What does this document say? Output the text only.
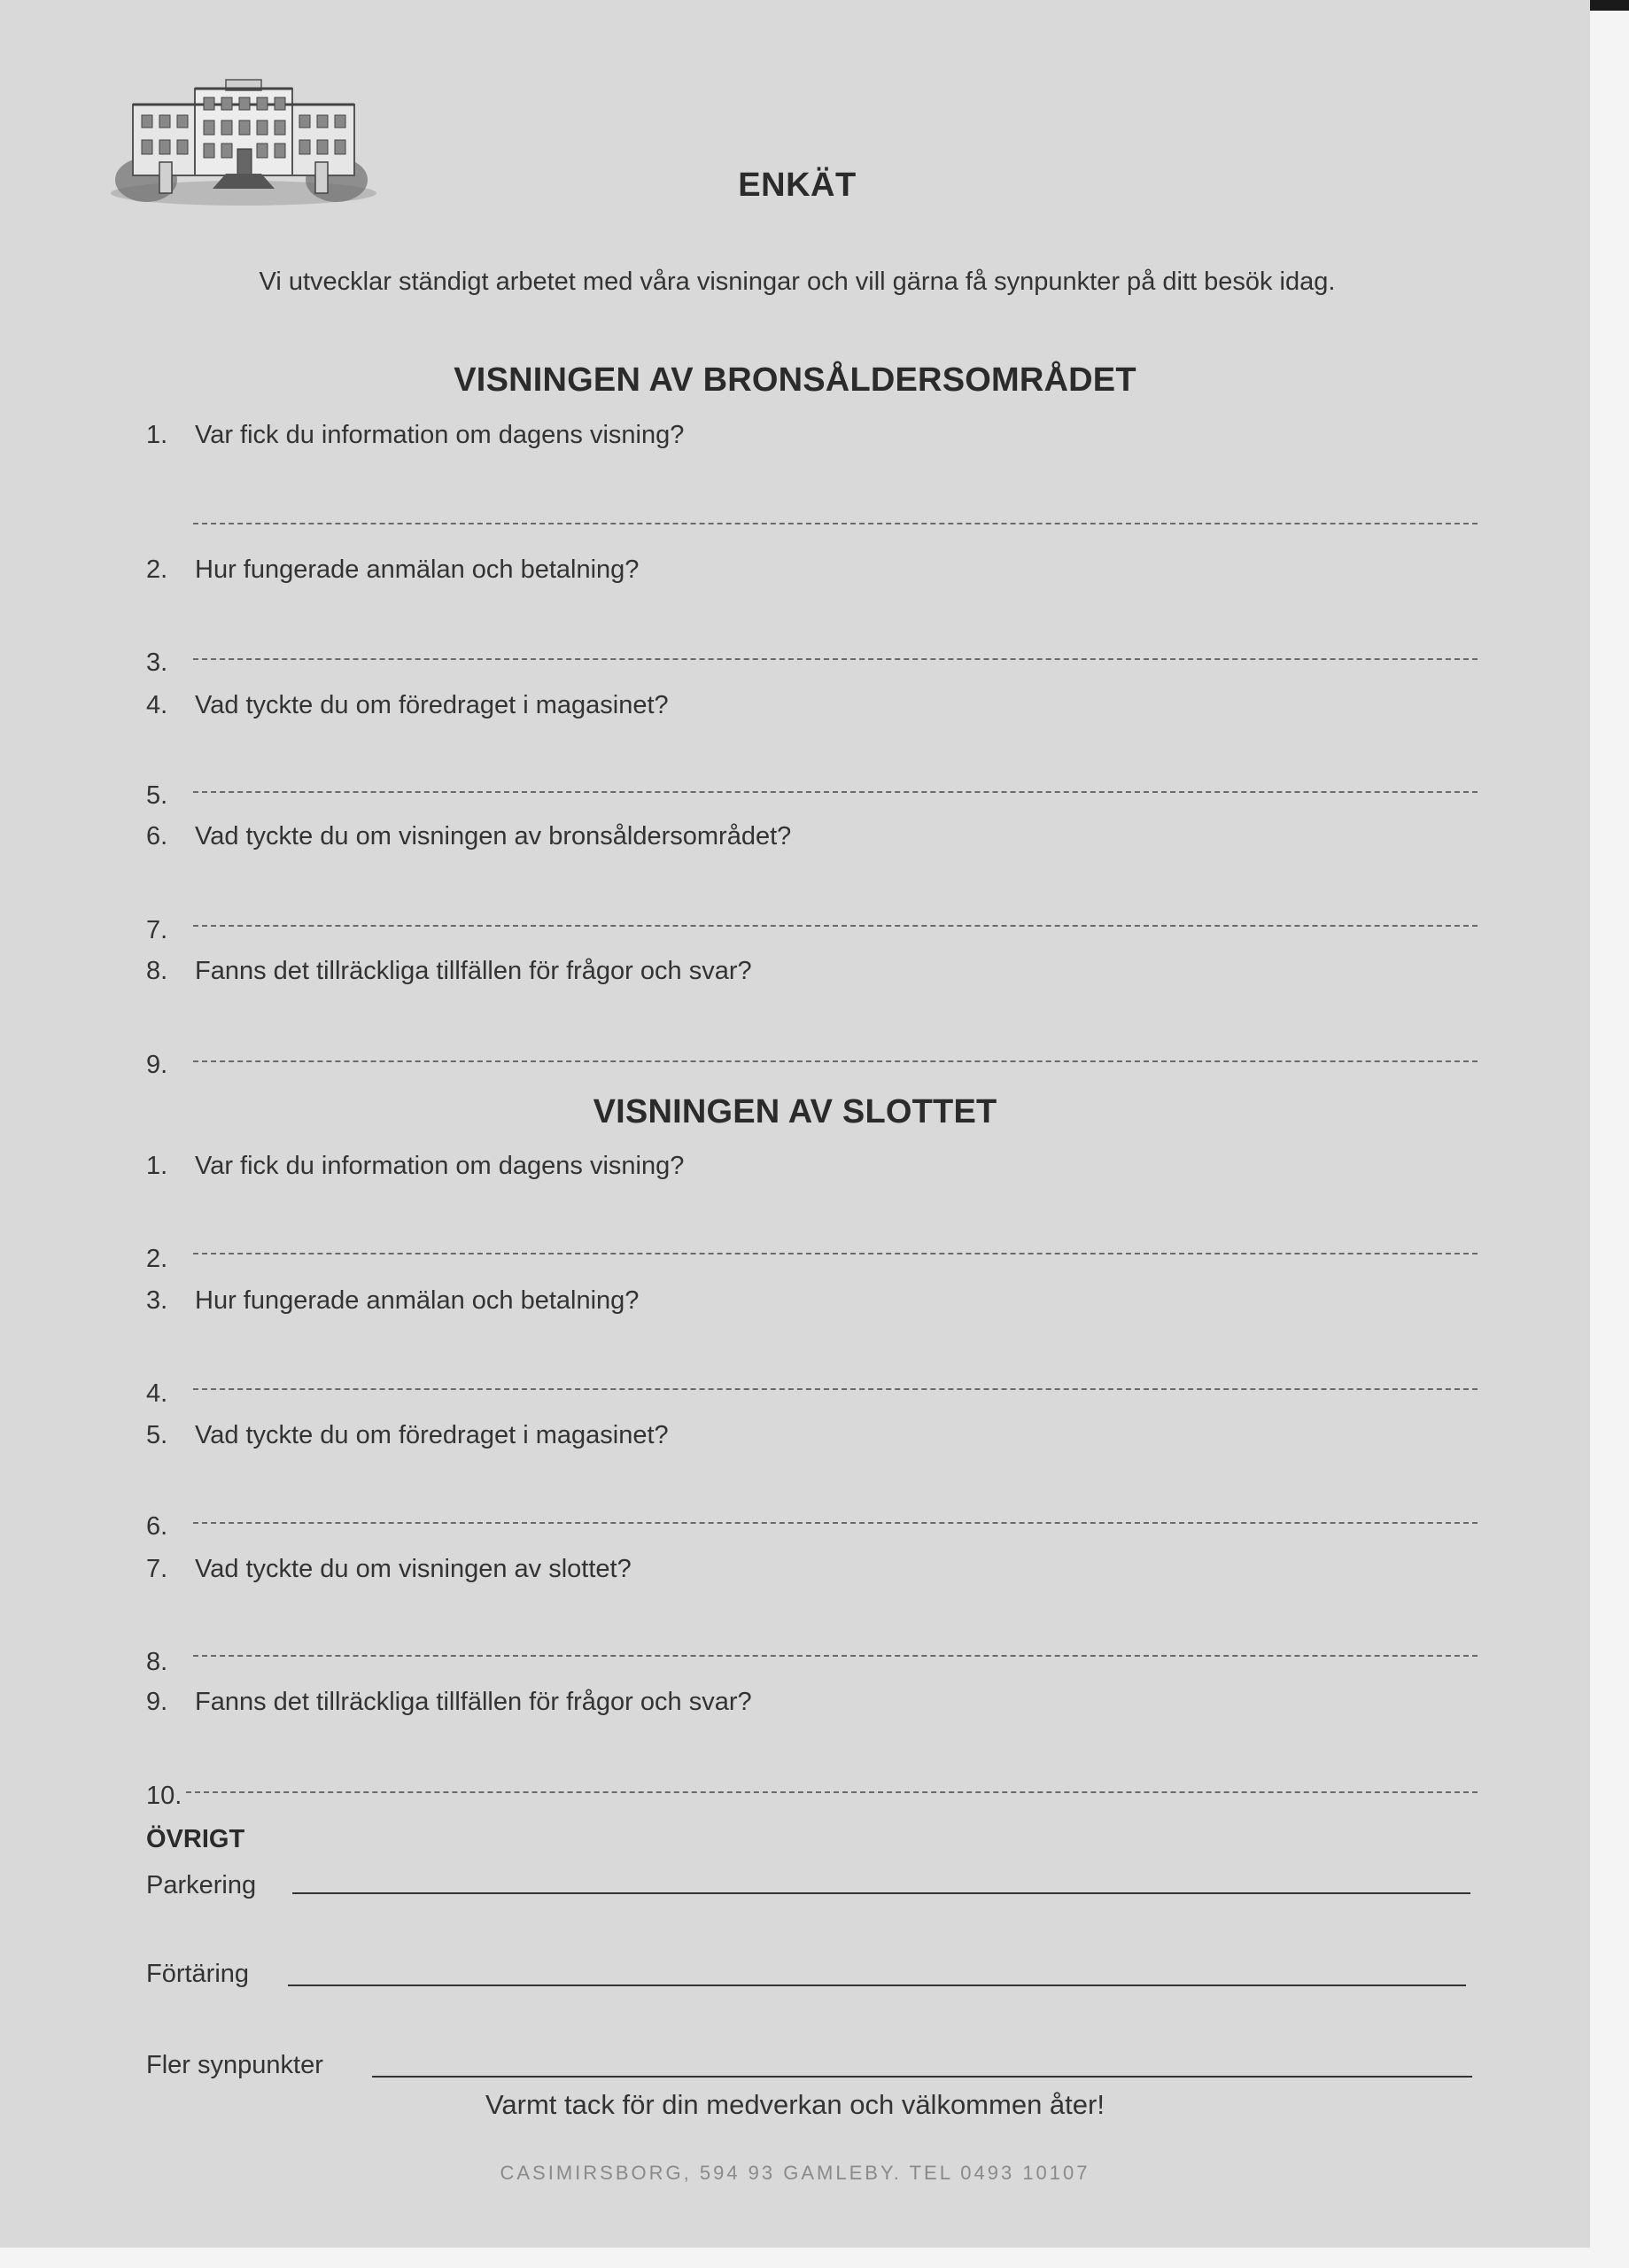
ENKÄT
Vi utvecklar ständigt arbetet med våra visningar och vill gärna få synpunkter på ditt besök idag.
VISNINGEN AV BRONSÅLDERSOMRÅDET
1. Var fick du information om dagens visning?
2. Hur fungerade anmälan och betalning?
3.
4. Vad tyckte du om föredraget i magasinet?
5.
6. Vad tyckte du om visningen av bronsåldersområdet?
7.
8. Fanns det tillräckliga tillfällen för frågor och svar?
9.
VISNINGEN AV SLOTTET
1. Var fick du information om dagens visning?
2.
3. Hur fungerade anmälan och betalning?
4.
5. Vad tyckte du om föredraget i magasinet?
6.
7. Vad tyckte du om visningen av slottet?
8.
9. Fanns det tillräckliga tillfällen för frågor och svar?
10.
ÖVRIGT
Parkering
Förtäring
Fler synpunkter
Varmt tack för din medverkan och välkommen åter!
CASIMIRSBORG, 594 93 GAMLEBY. TEL 0493 10107
